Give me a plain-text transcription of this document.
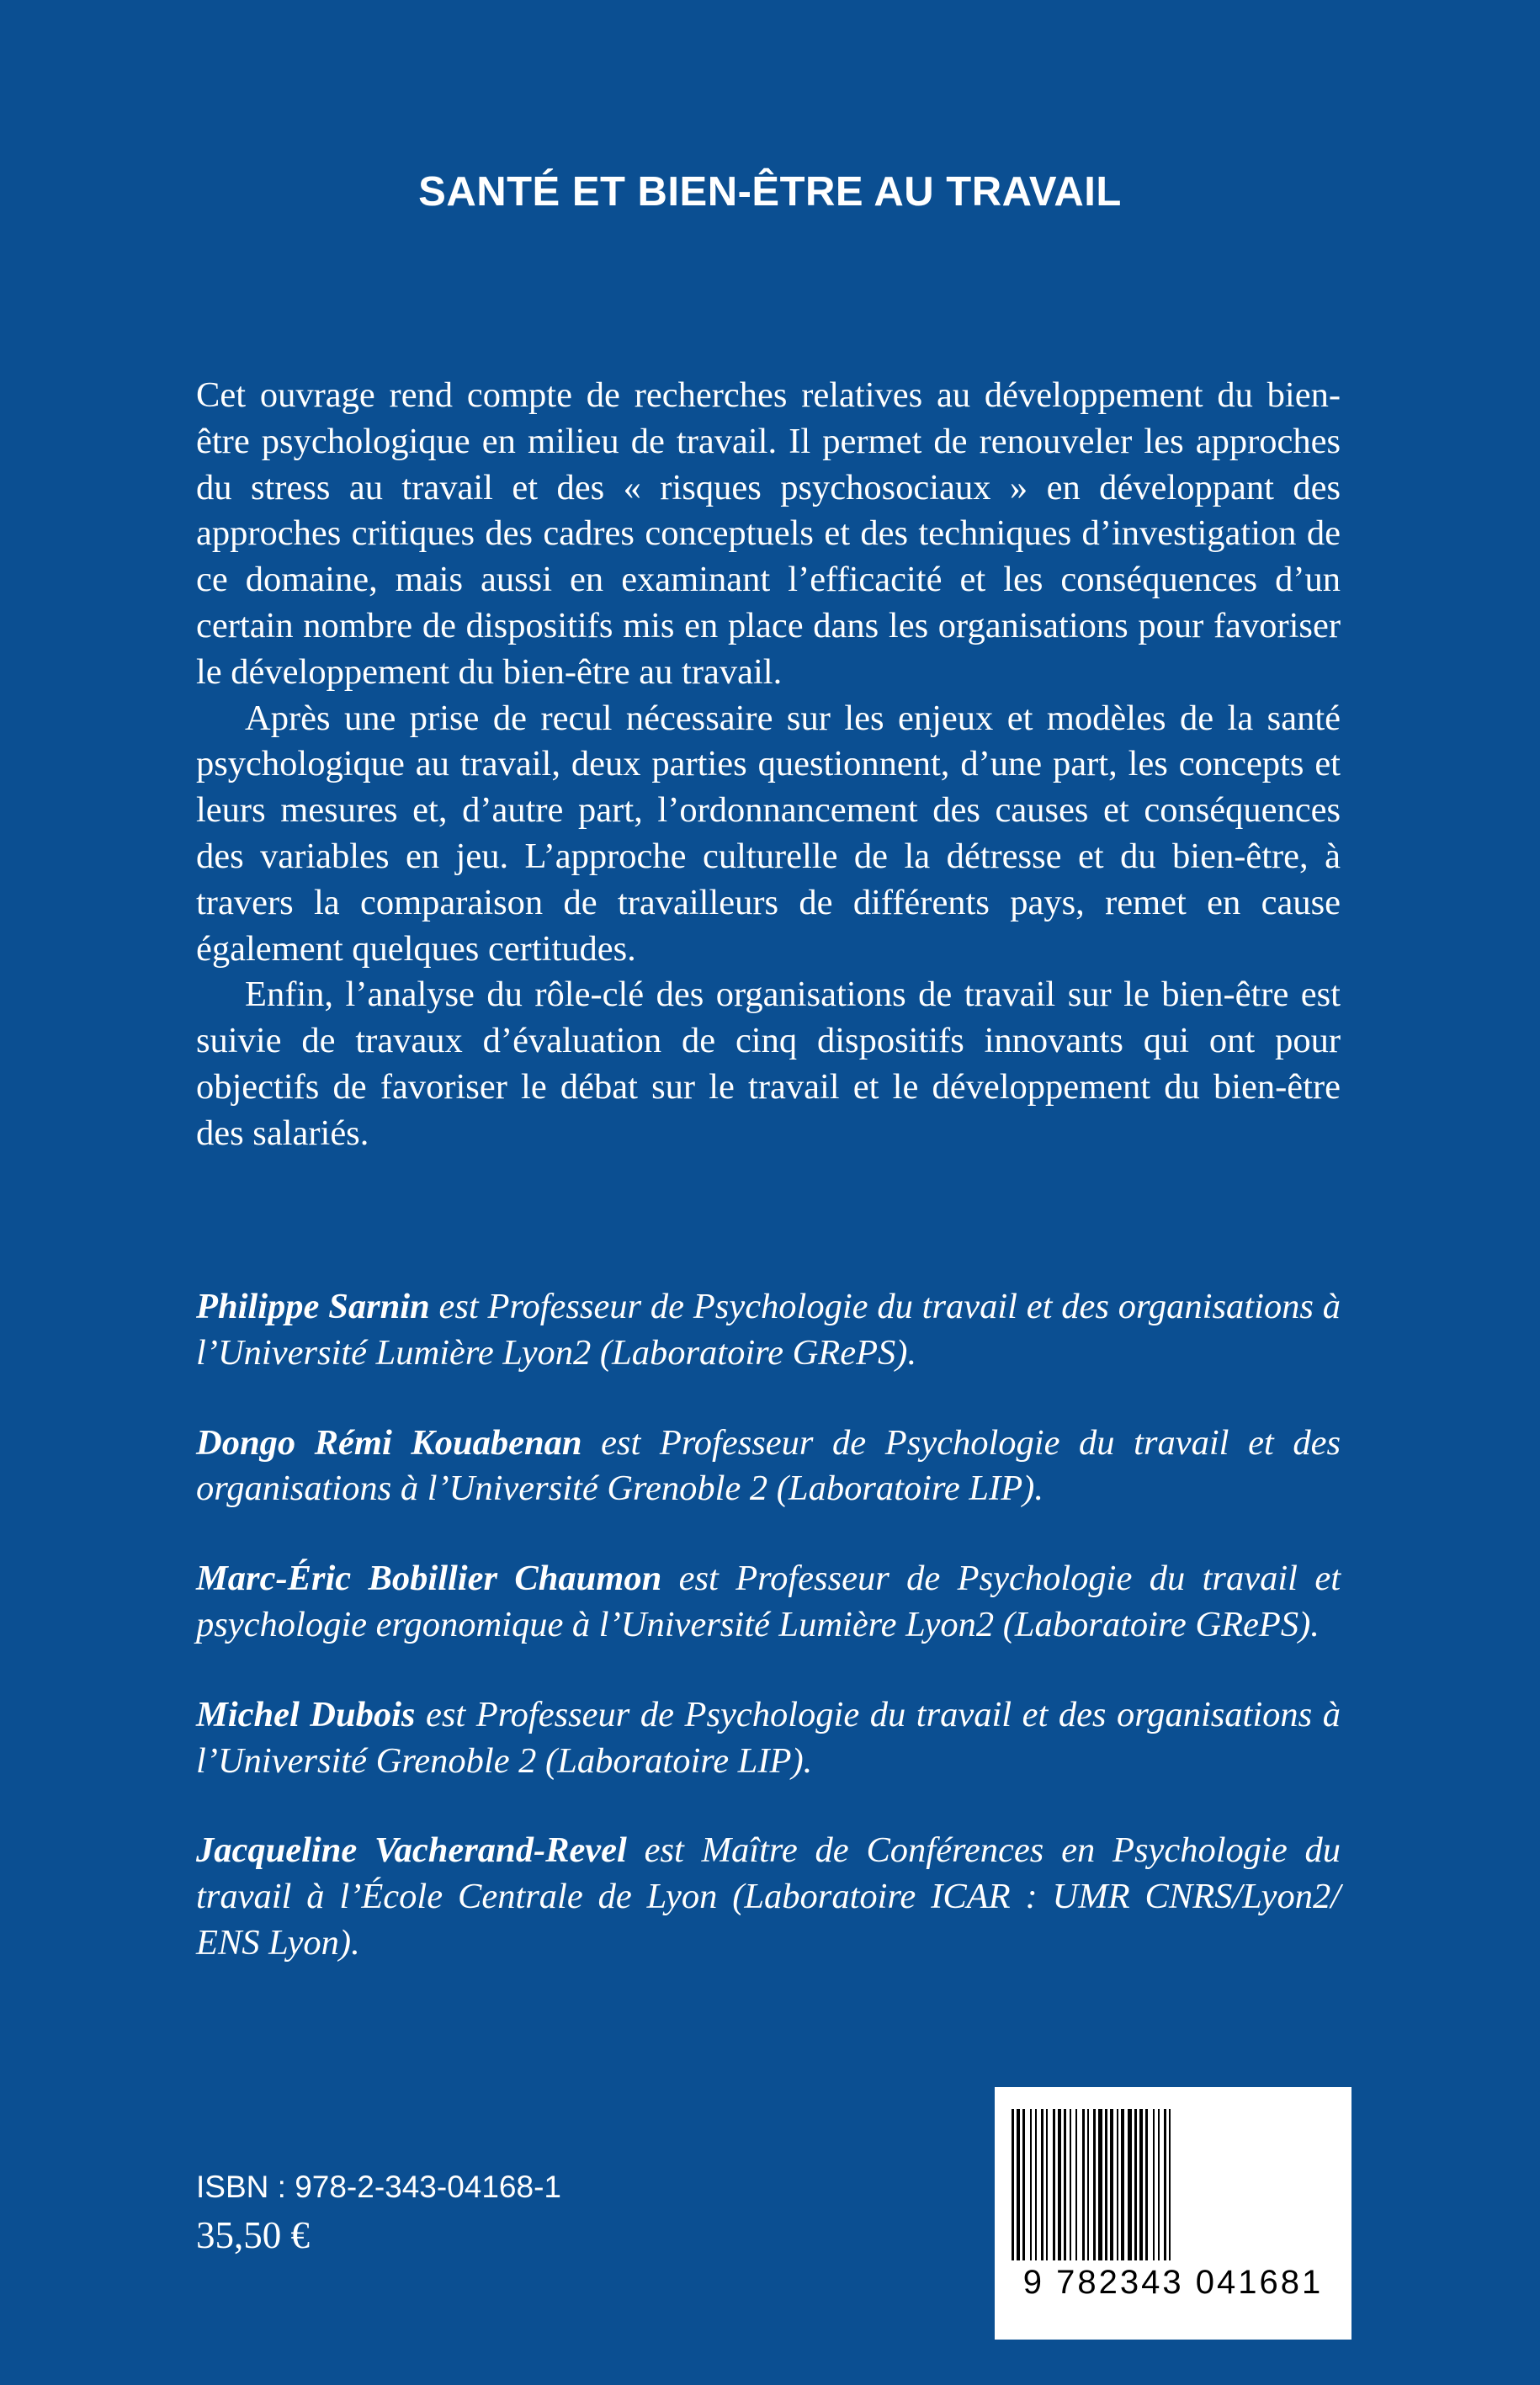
SANTÉ ET BIEN-ÊTRE AU TRAVAIL

Cet ouvrage rend compte de recherches relatives au développement du bien-être psychologique en milieu de travail. Il permet de renouveler les approches du stress au travail et des « risques psychosociaux » en développant des approches critiques des cadres conceptuels et des techniques d’investigation de ce domaine, mais aussi en examinant l’efficacité et les conséquences d’un certain nombre de dispositifs mis en place dans les organisations pour favoriser le développement du bien-être au travail.

Après une prise de recul nécessaire sur les enjeux et modèles de la santé psychologique au travail, deux parties questionnent, d’une part, les concepts et leurs mesures et, d’autre part, l’ordonnancement des causes et conséquences des variables en jeu. L’approche culturelle de la détresse et du bien-être, à travers la comparaison de travailleurs de différents pays, remet en cause également quelques certitudes.

Enfin, l’analyse du rôle-clé des organisations de travail sur le bien-être est suivie de travaux d’évaluation de cinq dispositifs innovants qui ont pour objectifs de favoriser le débat sur le travail et le développement du bien-être des salariés.

Philippe Sarnin est Professeur de Psychologie du travail et des organisations à l’Université Lumière Lyon2 (Laboratoire GRePS).

Dongo Rémi Kouabenan est Professeur de Psychologie du travail et des organisations à l’Université Grenoble 2 (Laboratoire LIP).

Marc-Éric Bobillier Chaumon est Professeur de Psychologie du travail et psychologie ergonomique à l’Université Lumière Lyon2 (Laboratoire GRePS).

Michel Dubois est Professeur de Psychologie du travail et des organisations à l’Université Grenoble 2 (Laboratoire LIP).

Jacqueline Vacherand-Revel est Maître de Conférences en Psychologie du travail à l’École Centrale de Lyon (Laboratoire ICAR : UMR CNRS/Lyon2/ ENS Lyon).

ISBN : 978-2-343-04168-1
35,50 €
9 782343 041681
